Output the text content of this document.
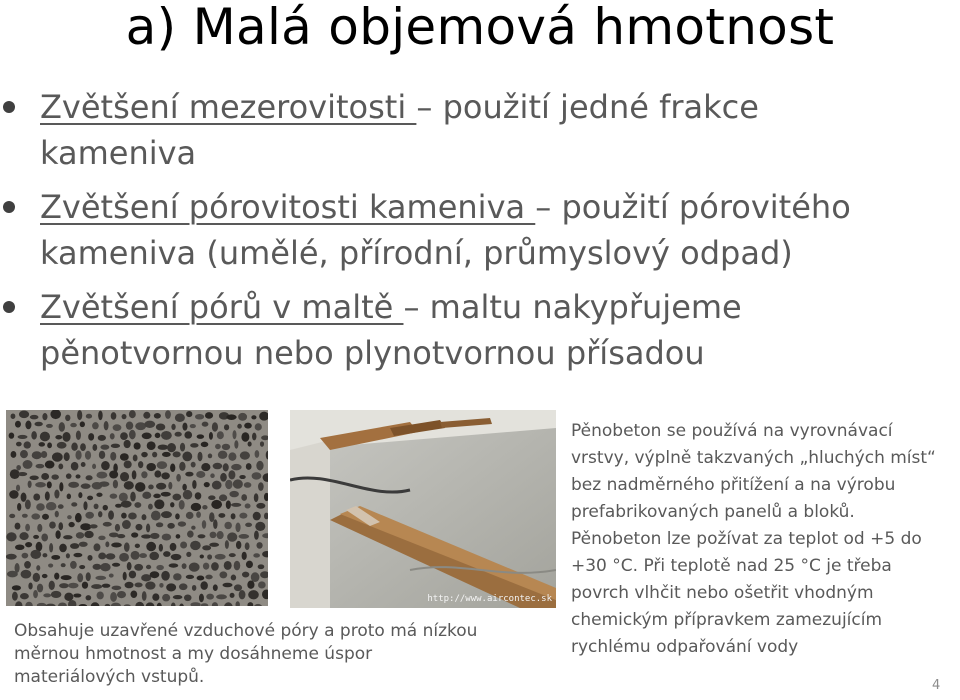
a) Malá objemová hmotnost
Zvětšení mezerovitosti – použití jedné frakce
kameniva
Zvětšení pórovitosti kameniva – použití pórovitého
kameniva (umělé, přírodní, průmyslový odpad)
Zvětšení pórů v maltě – maltu nakypřujeme
pěnotvornou nebo plynotvornou přísadou
http://www.aircontec.sk
Pěnobeton se používá na vyrovnávací
vrstvy, výplně takzvaných „hluchých míst“
bez nadměrného přitížení a na výrobu
prefabrikovaných panelů a bloků.
Pěnobeton lze požívat za teplot od +5 do
+30 °C. Při teplotě nad 25 °C je třeba
povrch vlhčit nebo ošetřit vhodným
chemickým přípravkem zamezujícím
rychlému odpařování vody
Obsahuje uzavřené vzduchové póry a proto má nízkou
měrnou hmotnost a my dosáhneme úspor
materiálových vstupů.	4
